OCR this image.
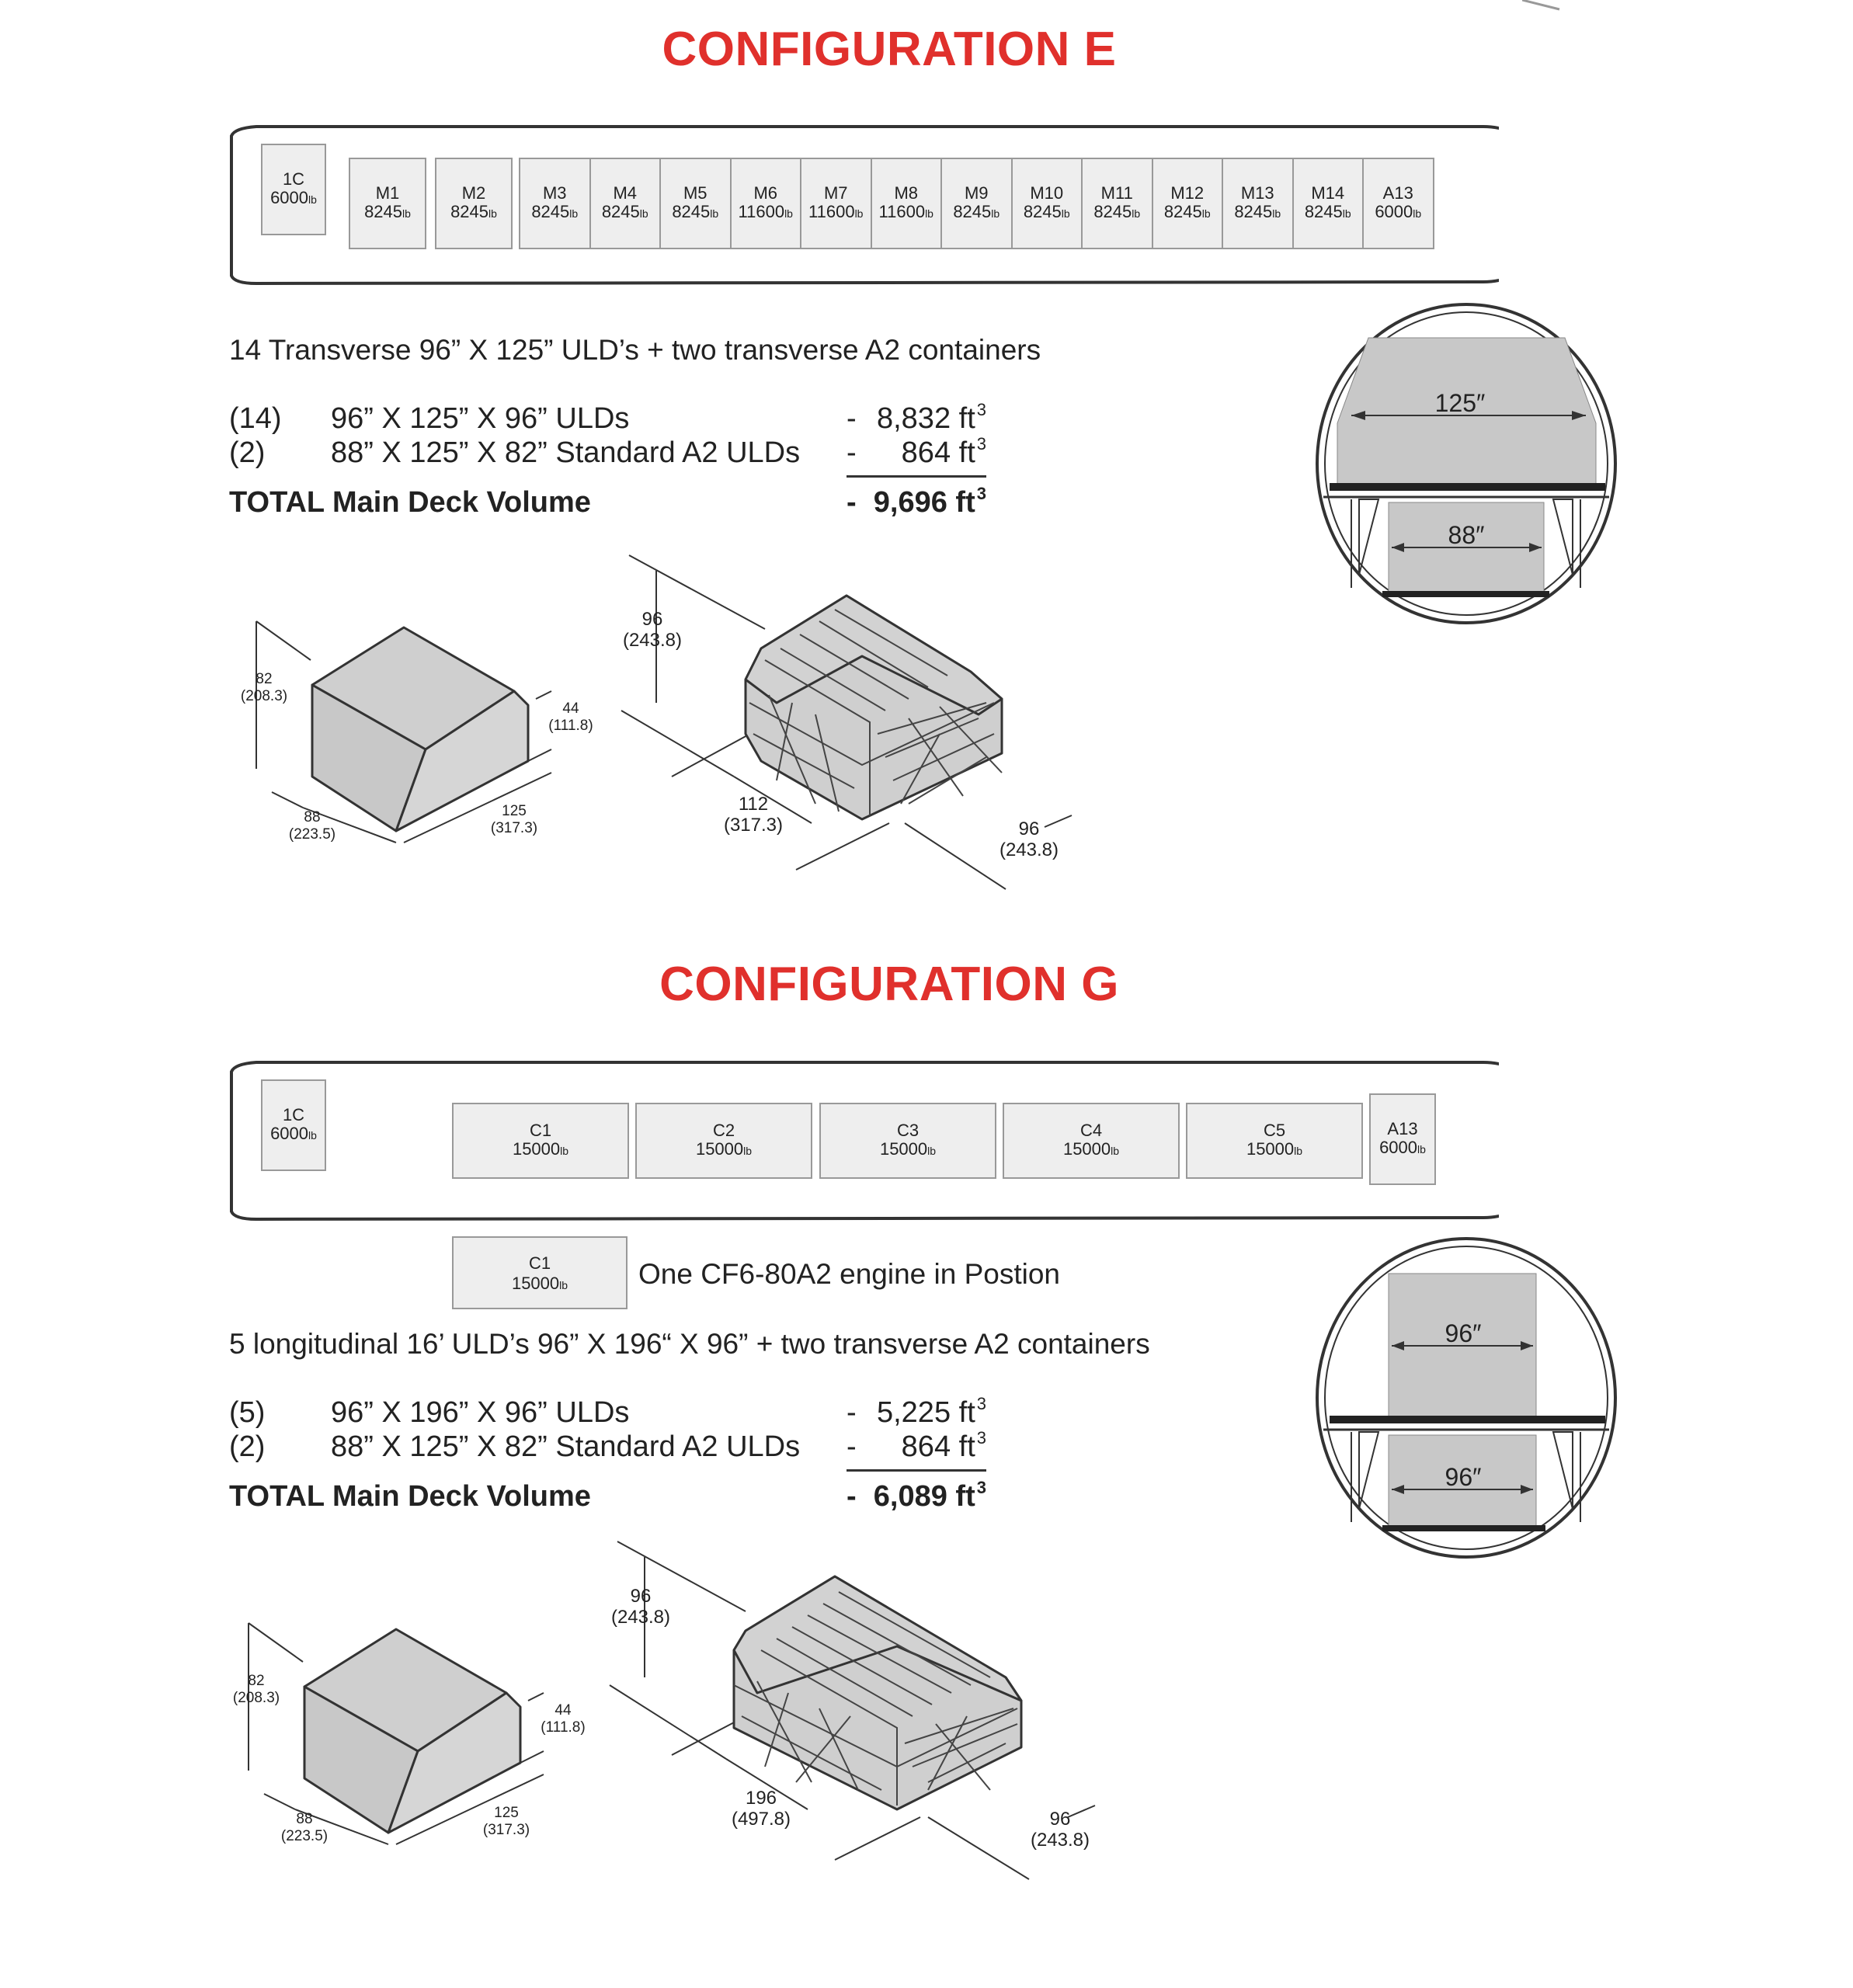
CONFIGURATION E
1C
6000lb	M1
8245lb
M2
8245lb
M3
8245lb
M4
8245lb
M5
8245lb
M6
11600lb
M7
11600lb
M8
11600lb
M9
8245lb
M10
8245lb
M11
8245lb
M12
8245lb
M13
8245lb
M14
8245lb
A13
6000lb
14 Transverse 96” X 125” ULD’s + two transverse A2 containers
(14) 96” X 125” X 96” ULDs	- 8,832 $ft^3$
(2) 88” X 125” X 82” Standard A2 ULDs - 864 $ft^3$
TOTAL Main Deck Volume	- 9,696 $ft^3$
125″
88″
82
(208.3)
44
(111.8)
88
(223.5)
125
(317.3)
96
(243.8)
112
(317.3)	96
(243.8)
CONFIGURATION G
1C
6000lb	C1
15000lb
C2
15000lb
C3
15000lb
C4
15000lb
C5
15000lb
A13
6000lb
C1
15000lb	One CF6-80A2 engine in Postion
5 longitudinal 16’ ULD’s 96” X 196“ X 96” + two transverse A2 containers
(5) 96” X 196” X 96” ULDs	- 5,225 $ft^3$
(2) 88” X 125” X 82” Standard A2 ULDs - 864 $ft^3$
TOTAL Main Deck Volume	- 6,089 $ft^3$
96″
96″
82
(208.3)
44
(111.8)
88
(223.5)
125
(317.3)
96
(243.8)
196
(497.8)	96
(243.8)
